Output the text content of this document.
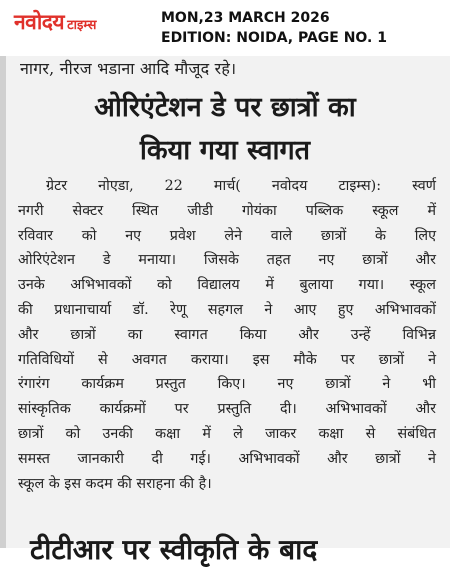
नवोदय टाइम्स	MON,23 MARCH 2026
EDITION: NOIDA, PAGE NO. 1
नागर, नीरज भडाना आदि मौजूद रहे।
ओरिएंटेशन डे पर छात्रों का
किया गया स्वागत
ग्रेटर नोएडा, 22 मार्च( नवोदय टाइम्स): स्वर्ण
नगरी सेक्टर स्थित जीडी गोयंका पब्लिक स्कूल में
रविवार को नए प्रवेश लेने वाले छात्रों के लिए
ओरिएंटेशन डे मनाया। जिसके तहत नए छात्रों और
उनके अभिभावकों को विद्यालय में बुलाया गया। स्कूल
की प्रधानाचार्या डॉ. रेणू सहगल ने आए हुए अभिभावकों
और छात्रों का स्वागत किया और उन्हें विभिन्न
गतिविधियों से अवगत कराया। इस मौके पर छात्रों ने
रंगारंग कार्यक्रम प्रस्तुत किए। नए छात्रों ने भी
सांस्कृतिक कार्यक्रमों पर प्रस्तुति दी। अभिभावकों और
छात्रों को उनकी कक्षा में ले जाकर कक्षा से संबंधित
समस्त जानकारी दी गई। अभिभावकों और छात्रों ने
स्कूल के इस कदम की सराहना की है।
टीटीआर पर स्वीकृति के बाद
